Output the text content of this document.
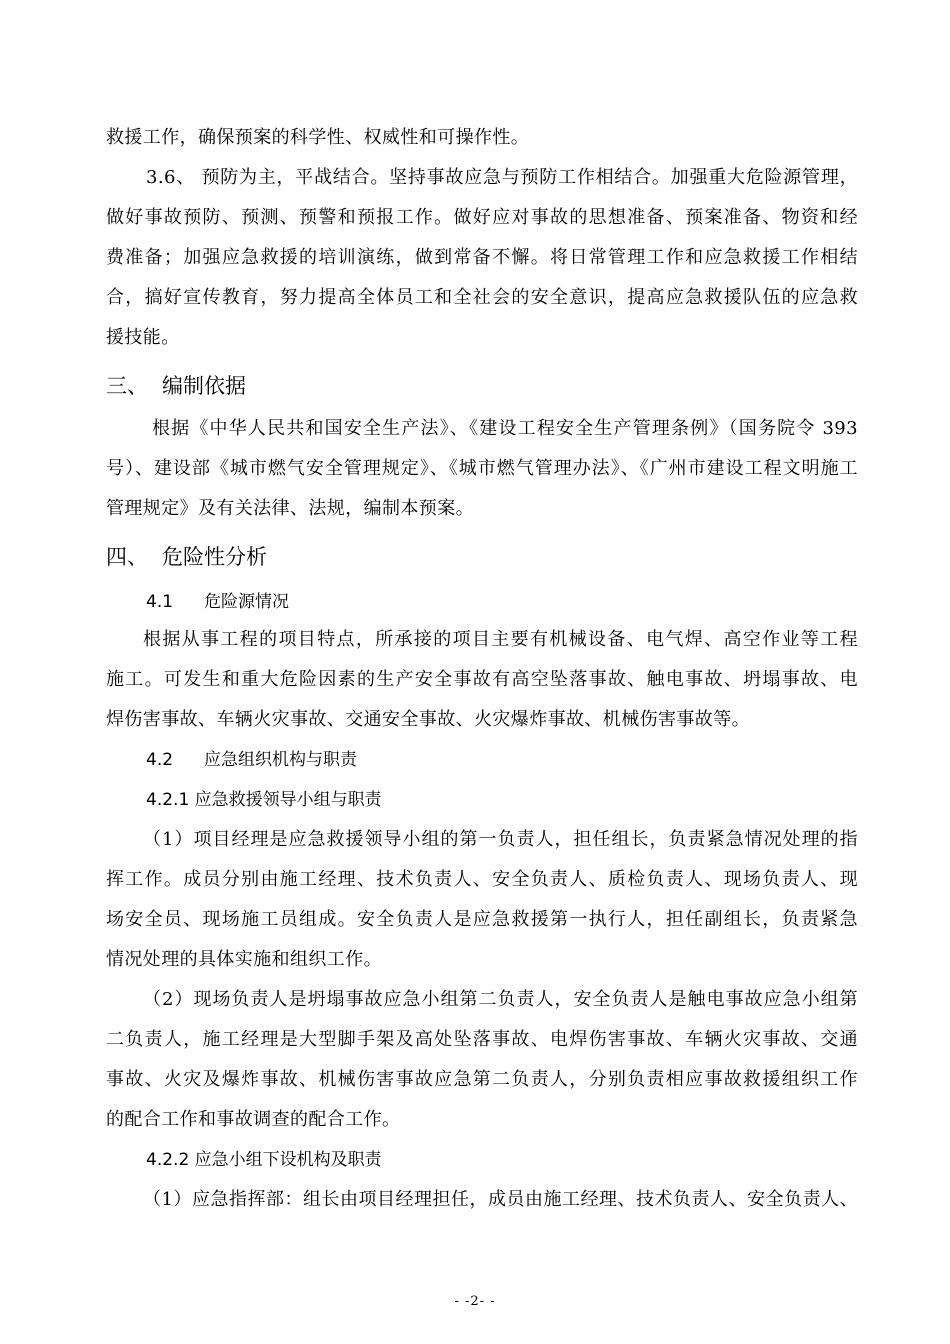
救援工作，确保预案的科学性、权威性和可操作性。
3.6、 预防为主，平战结合。坚持事故应急与预防工作相结合。加强重大危险源管理，
做好事故预防、预测、预警和预报工作。做好应对事故的思想准备、预案准备、物资和经
费准备；加强应急救援的培训演练，做到常备不懈。将日常管理工作和应急救援工作相结
合，搞好宣传教育，努力提高全体员工和全社会的安全意识，提高应急救援队伍的应急救
援技能。
三、 编制依据
根据《中华人民共和国安全生产法》、《建设工程安全生产管理条例》（国务院令 393
号）、建设部《城市燃气安全管理规定》、《城市燃气管理办法》、《广州市建设工程文明施工
管理规定》及有关法律、法规，编制本预案。
四、 危险性分析
4.1 危险源情况
根据从事工程的项目特点，所承接的项目主要有机械设备、电气焊、高空作业等工程
施工。可发生和重大危险因素的生产安全事故有高空坠落事故、触电事故、坍塌事故、电
焊伤害事故、车辆火灾事故、交通安全事故、火灾爆炸事故、机械伤害事故等。
4.2 应急组织机构与职责
4.2.1 应急救援领导小组与职责
（1）项目经理是应急救援领导小组的第一负责人，担任组长，负责紧急情况处理的指
挥工作。成员分别由施工经理、技术负责人、安全负责人、质检负责人、现场负责人、现
场安全员、现场施工员组成。安全负责人是应急救援第一执行人，担任副组长，负责紧急
情况处理的具体实施和组织工作。
（2）现场负责人是坍塌事故应急小组第二负责人，安全负责人是触电事故应急小组第
二负责人，施工经理是大型脚手架及高处坠落事故、电焊伤害事故、车辆火灾事故、交通
事故、火灾及爆炸事故、机械伤害事故应急第二负责人，分别负责相应事故救援组织工作
的配合工作和事故调查的配合工作。
4.2.2 应急小组下设机构及职责
（1）应急指挥部：组长由项目经理担任，成员由施工经理、技术负责人、安全负责人、
- -2- -
